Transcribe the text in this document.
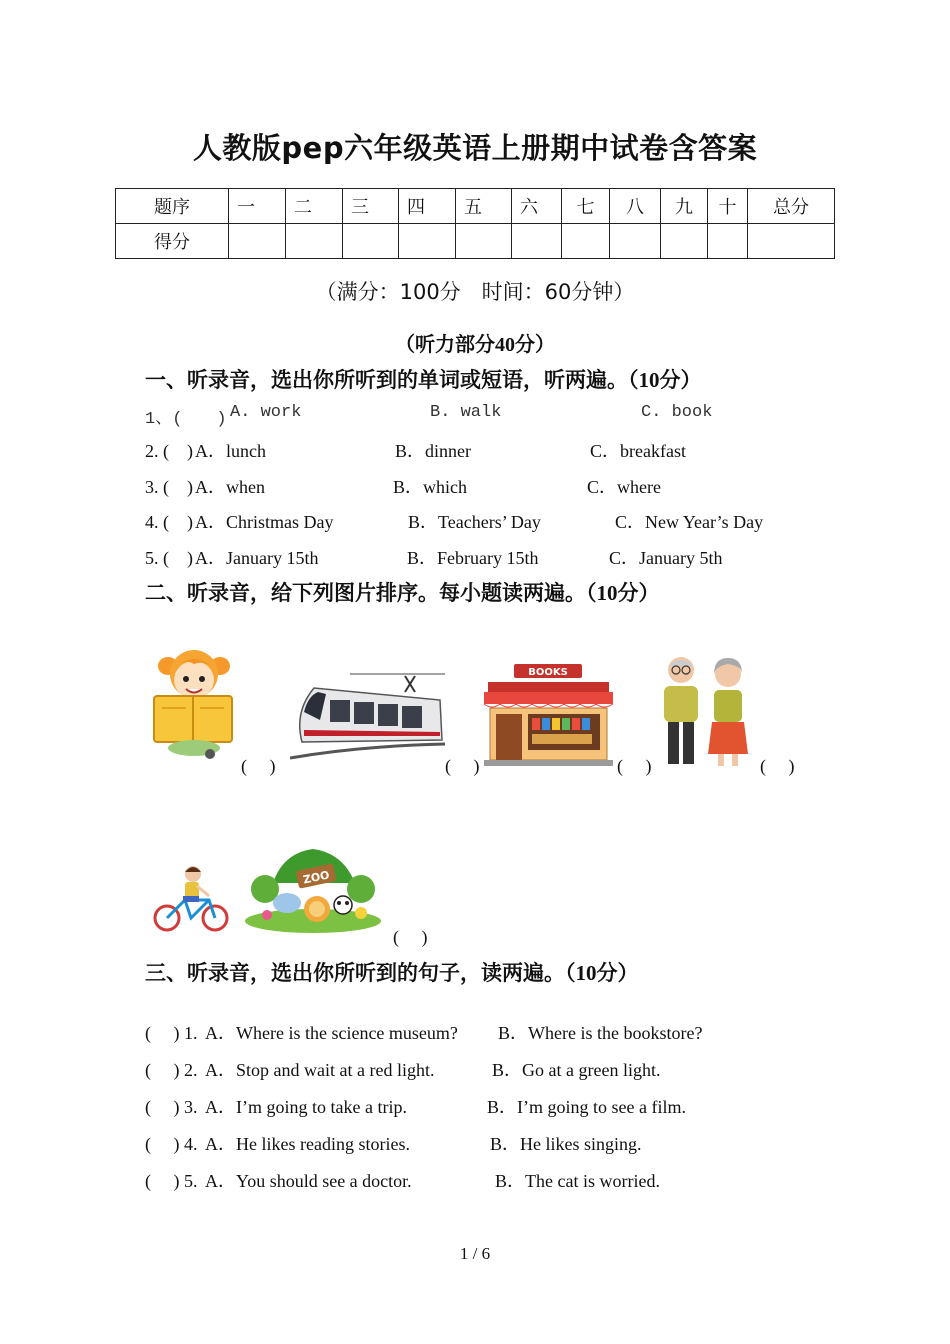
人教版pep六年级英语上册期中试卷含答案
题序	一	二	三	四	五	六	七	八	九	十	总分
得分											
（满分：100分　时间：60分钟）
（听力部分40分）
一、听录音，选出你所听到的单词或短语，听两遍。（10分）
1、(　　) A. work	B. walk	C. book
2. (　) A．lunch	B．dinner	C．breakfast
3. (　) A．when	B．which	C．where
4. (　) A．Christmas Day	B．Teachers’ Day	C．New Year’s Day
5. (　) A．January 15th	B．February 15th	C．January 5th
二、听录音，给下列图片排序。每小题读两遍。（10分）
(　 )	(　 )
BOOKS
(　 )	(　 )
ZOO
(　 )
三、听录音，选出你所听到的句子，读两遍。（10分）
(　 ) 1. A．Where is the science museum? B．Where is the bookstore?
(　 ) 2. A．Stop and wait at a red light.	B．Go at a green light.
(　 ) 3. A．I’m going to take a trip.	B．I’m going to see a film.
(　 ) 4. A．He likes reading stories.	B．He likes singing.
(　 ) 5. A．You should see a doctor.	B．The cat is worried.
1 / 6
